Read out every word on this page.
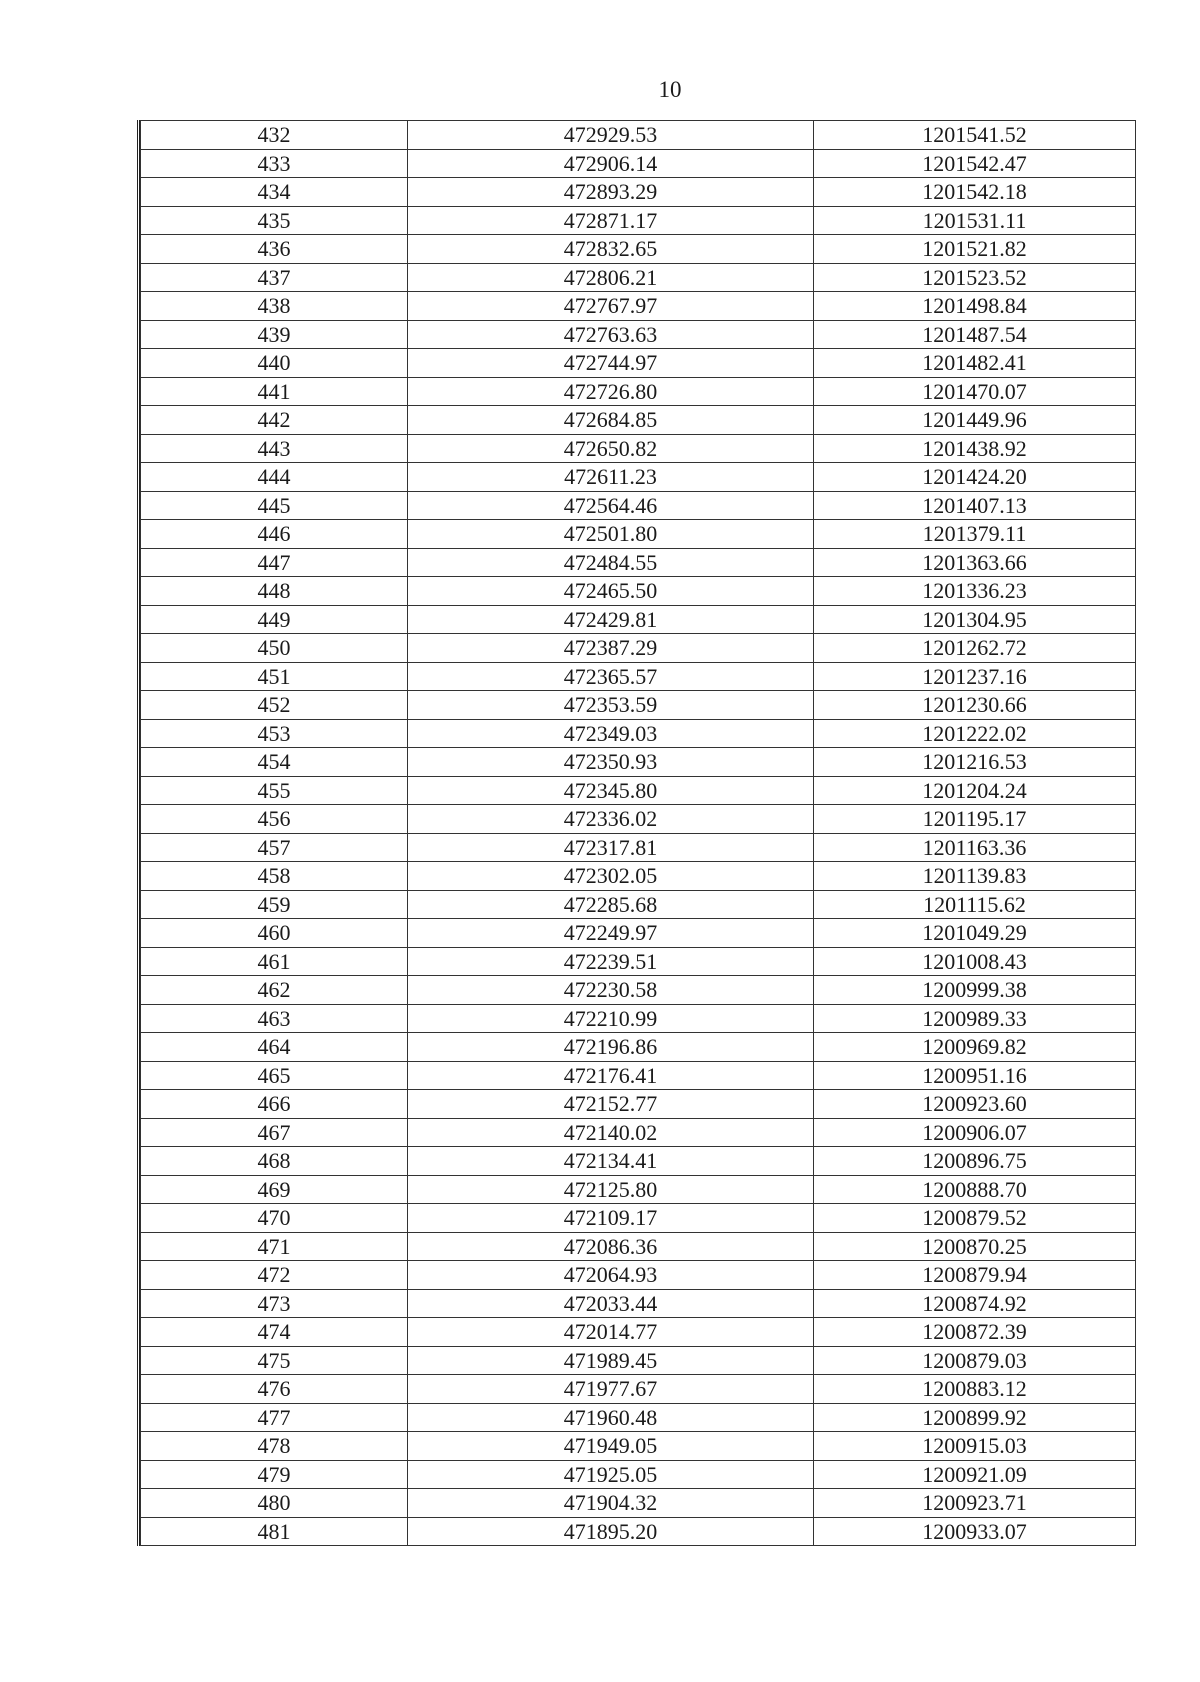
10
432	472929.53	1201541.52
433	472906.14	1201542.47
434	472893.29	1201542.18
435	472871.17	1201531.11
436	472832.65	1201521.82
437	472806.21	1201523.52
438	472767.97	1201498.84
439	472763.63	1201487.54
440	472744.97	1201482.41
441	472726.80	1201470.07
442	472684.85	1201449.96
443	472650.82	1201438.92
444	472611.23	1201424.20
445	472564.46	1201407.13
446	472501.80	1201379.11
447	472484.55	1201363.66
448	472465.50	1201336.23
449	472429.81	1201304.95
450	472387.29	1201262.72
451	472365.57	1201237.16
452	472353.59	1201230.66
453	472349.03	1201222.02
454	472350.93	1201216.53
455	472345.80	1201204.24
456	472336.02	1201195.17
457	472317.81	1201163.36
458	472302.05	1201139.83
459	472285.68	1201115.62
460	472249.97	1201049.29
461	472239.51	1201008.43
462	472230.58	1200999.38
463	472210.99	1200989.33
464	472196.86	1200969.82
465	472176.41	1200951.16
466	472152.77	1200923.60
467	472140.02	1200906.07
468	472134.41	1200896.75
469	472125.80	1200888.70
470	472109.17	1200879.52
471	472086.36	1200870.25
472	472064.93	1200879.94
473	472033.44	1200874.92
474	472014.77	1200872.39
475	471989.45	1200879.03
476	471977.67	1200883.12
477	471960.48	1200899.92
478	471949.05	1200915.03
479	471925.05	1200921.09
480	471904.32	1200923.71
481	471895.20	1200933.07
